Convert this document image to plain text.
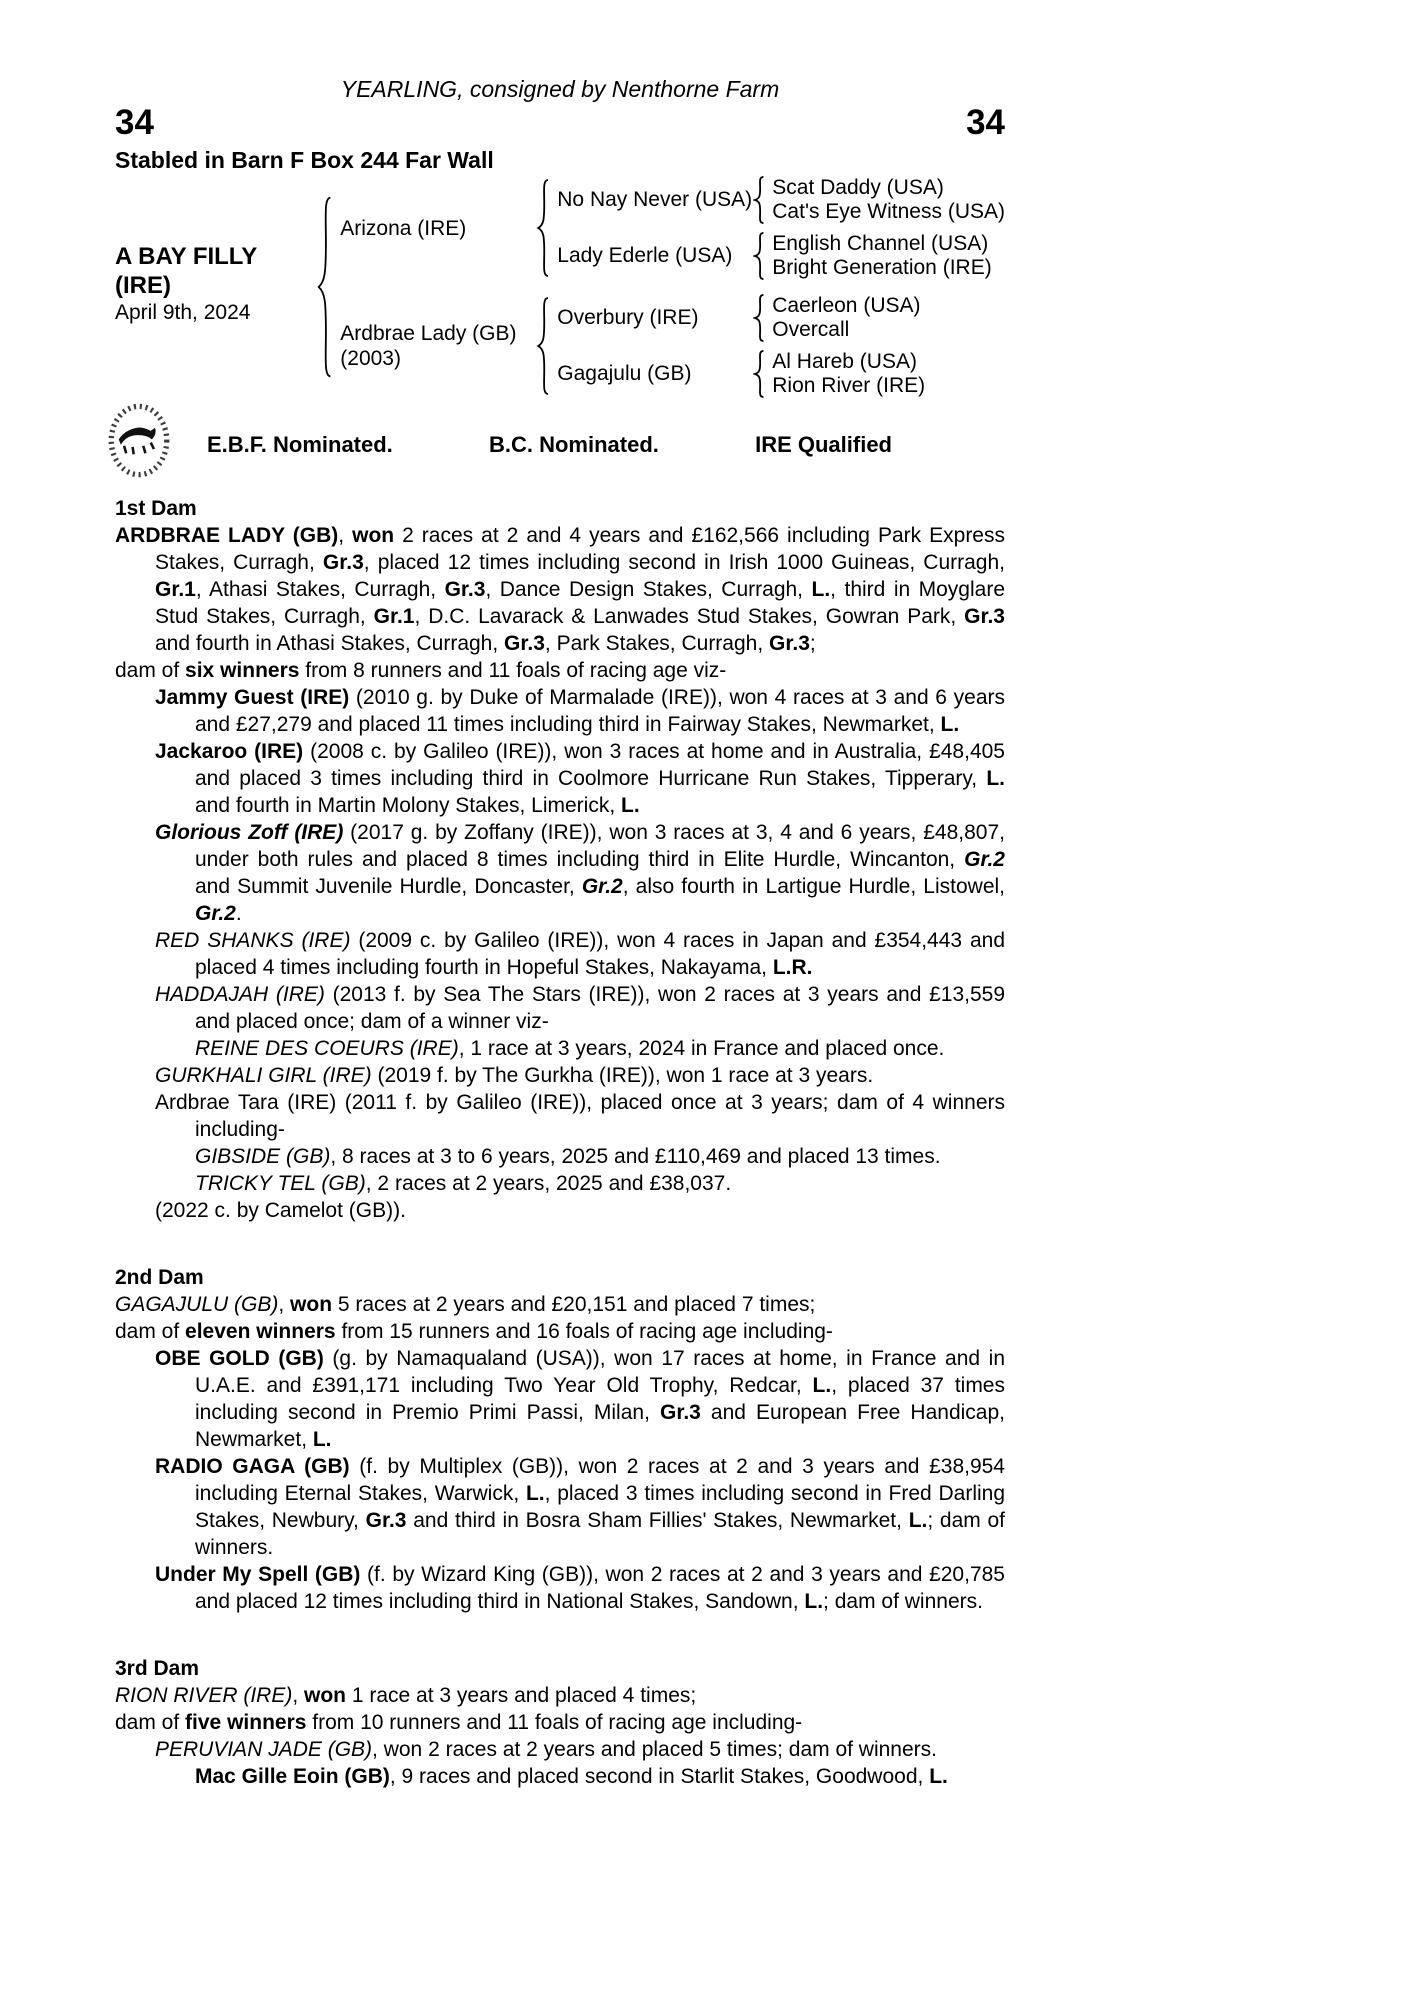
YEARLING, consigned by Nenthorne Farm
34	34
Stabled in Barn F Box 244 Far Wall
A BAY FILLY
(IRE)
April 9th, 2024
Arizona (IRE)
No Nay Never (USA)
Scat Daddy (USA)
Cat's Eye Witness (USA)
Lady Ederle (USA)
English Channel (USA)
Bright Generation (IRE)
Ardbrae Lady (GB)
(2003)
Overbury (IRE)
Caerleon (USA)
Overcall
Gagajulu (GB)
Al Hareb (USA)
Rion River (IRE)
E.B.F. Nominated.	B.C. Nominated.	IRE Qualified
1st Dam
ARDBRAE LADY (GB), won 2 races at 2 and 4 years and £162,566 including Park Express Stakes, Curragh, Gr.3, placed 12 times including second in Irish 1000 Guineas, Curragh, Gr.1, Athasi Stakes, Curragh, Gr.3, Dance Design Stakes, Curragh, L., third in Moyglare Stud Stakes, Curragh, Gr.1, D.C. Lavarack & Lanwades Stud Stakes, Gowran Park, Gr.3 and fourth in Athasi Stakes, Curragh, Gr.3, Park Stakes, Curragh, Gr.3;
dam of six winners from 8 runners and 11 foals of racing age viz-
Jammy Guest (IRE) (2010 g. by Duke of Marmalade (IRE)), won 4 races at 3 and 6 years and £27,279 and placed 11 times including third in Fairway Stakes, Newmarket, L.
Jackaroo (IRE) (2008 c. by Galileo (IRE)), won 3 races at home and in Australia, £48,405 and placed 3 times including third in Coolmore Hurricane Run Stakes, Tipperary, L. and fourth in Martin Molony Stakes, Limerick, L.
Glorious Zoff (IRE) (2017 g. by Zoffany (IRE)), won 3 races at 3, 4 and 6 years, £48,807, under both rules and placed 8 times including third in Elite Hurdle, Wincanton, Gr.2 and Summit Juvenile Hurdle, Doncaster, Gr.2, also fourth in Lartigue Hurdle, Listowel, Gr.2.
RED SHANKS (IRE) (2009 c. by Galileo (IRE)), won 4 races in Japan and £354,443 and placed 4 times including fourth in Hopeful Stakes, Nakayama, L.R.
HADDAJAH (IRE) (2013 f. by Sea The Stars (IRE)), won 2 races at 3 years and £13,559 and placed once; dam of a winner viz-
REINE DES COEURS (IRE), 1 race at 3 years, 2024 in France and placed once.
GURKHALI GIRL (IRE) (2019 f. by The Gurkha (IRE)), won 1 race at 3 years.
Ardbrae Tara (IRE) (2011 f. by Galileo (IRE)), placed once at 3 years; dam of 4 winners including-
GIBSIDE (GB), 8 races at 3 to 6 years, 2025 and £110,469 and placed 13 times.
TRICKY TEL (GB), 2 races at 2 years, 2025 and £38,037.
(2022 c. by Camelot (GB)).
2nd Dam
GAGAJULU (GB), won 5 races at 2 years and £20,151 and placed 7 times;
dam of eleven winners from 15 runners and 16 foals of racing age including-
OBE GOLD (GB) (g. by Namaqualand (USA)), won 17 races at home, in France and in U.A.E. and £391,171 including Two Year Old Trophy, Redcar, L., placed 37 times including second in Premio Primi Passi, Milan, Gr.3 and European Free Handicap, Newmarket, L.
RADIO GAGA (GB) (f. by Multiplex (GB)), won 2 races at 2 and 3 years and £38,954 including Eternal Stakes, Warwick, L., placed 3 times including second in Fred Darling Stakes, Newbury, Gr.3 and third in Bosra Sham Fillies' Stakes, Newmarket, L.; dam of winners.
Under My Spell (GB) (f. by Wizard King (GB)), won 2 races at 2 and 3 years and £20,785 and placed 12 times including third in National Stakes, Sandown, L.; dam of winners.
3rd Dam
RION RIVER (IRE), won 1 race at 3 years and placed 4 times;
dam of five winners from 10 runners and 11 foals of racing age including-
PERUVIAN JADE (GB), won 2 races at 2 years and placed 5 times; dam of winners.
Mac Gille Eoin (GB), 9 races and placed second in Starlit Stakes, Goodwood, L.
